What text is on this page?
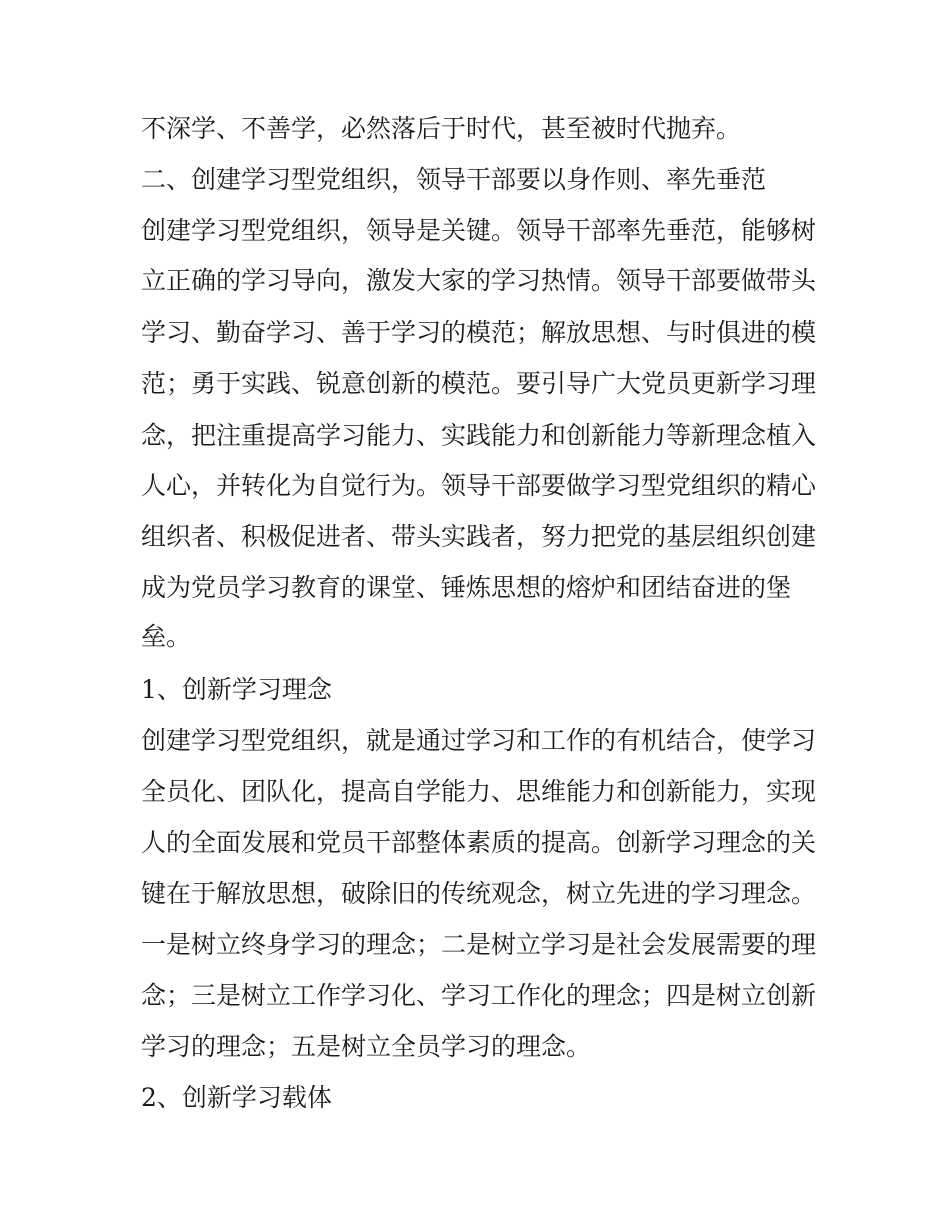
不深学、不善学，必然落后于时代，甚至被时代抛弃。
二、创建学习型党组织，领导干部要以身作则、率先垂范
创建学习型党组织，领导是关键。领导干部率先垂范，能够树
立正确的学习导向，激发大家的学习热情。领导干部要做带头
学习、勤奋学习、善于学习的模范；解放思想、与时俱进的模
范；勇于实践、锐意创新的模范。要引导广大党员更新学习理
念，把注重提高学习能力、实践能力和创新能力等新理念植入
人心，并转化为自觉行为。领导干部要做学习型党组织的精心
组织者、积极促进者、带头实践者，努力把党的基层组织创建
成为党员学习教育的课堂、锤炼思想的熔炉和团结奋进的堡
垒。
1、创新学习理念
创建学习型党组织，就是通过学习和工作的有机结合，使学习
全员化、团队化，提高自学能力、思维能力和创新能力，实现
人的全面发展和党员干部整体素质的提高。创新学习理念的关
键在于解放思想，破除旧的传统观念，树立先进的学习理念。
一是树立终身学习的理念；二是树立学习是社会发展需要的理
念；三是树立工作学习化、学习工作化的理念；四是树立创新
学习的理念；五是树立全员学习的理念。
2、创新学习载体
